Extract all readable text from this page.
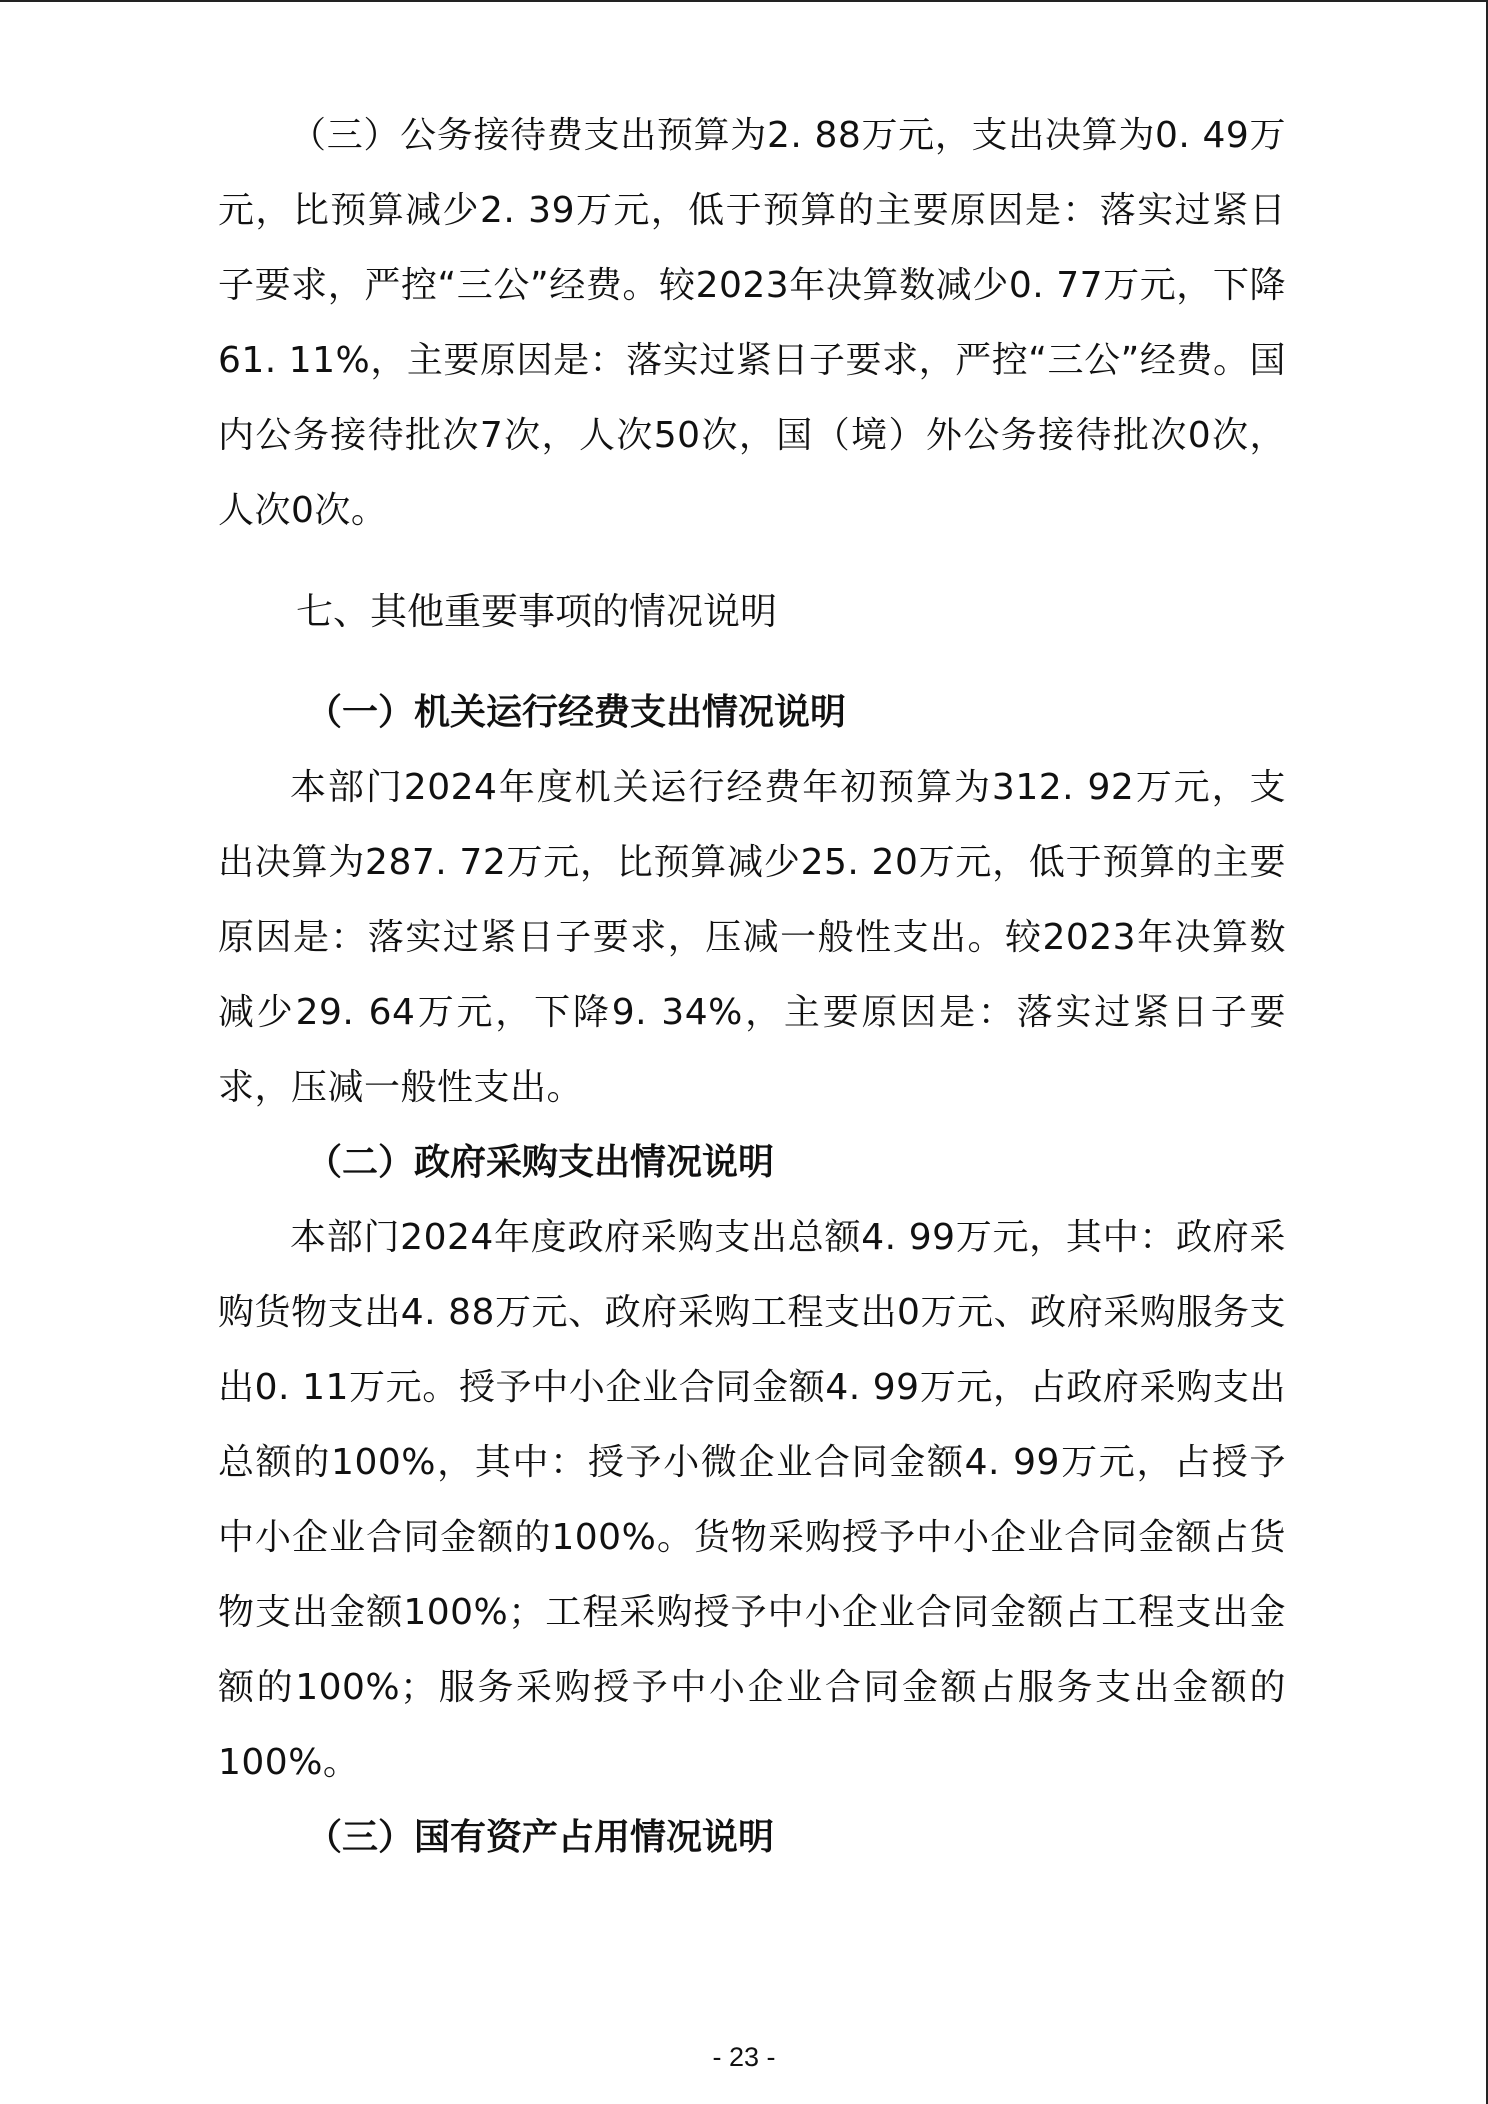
（三）公务接待费支出预算为2. 88万元，支出决算为0. 49万元，比预算减少2. 39万元，低于预算的主要原因是：落实过紧日子要求，严控“三公”经费。较2023年决算数减少0. 77万元，下降61. 11%，主要原因是：落实过紧日子要求，严控“三公”经费。国内公务接待批次7次，人次50次，国（境）外公务接待批次0次，人次0次。

七、其他重要事项的情况说明
（一）机关运行经费支出情况说明

本部门2024年度机关运行经费年初预算为312. 92万元，支出决算为287. 72万元，比预算减少25. 20万元，低于预算的主要原因是：落实过紧日子要求，压减一般性支出。较2023年决算数减少29. 64万元，下降9. 34%，主要原因是：落实过紧日子要求，压减一般性支出。

（二）政府采购支出情况说明

本部门2024年度政府采购支出总额4. 99万元，其中：政府采购货物支出4. 88万元、政府采购工程支出0万元、政府采购服务支出0. 11万元。授予中小企业合同金额4. 99万元，占政府采购支出总额的100%，其中：授予小微企业合同金额4. 99万元，占授予中小企业合同金额的100%。货物采购授予中小企业合同金额占货物支出金额100%；工程采购授予中小企业合同金额占工程支出金额的100%；服务采购授予中小企业合同金额占服务支出金额的100%。

（三）国有资产占用情况说明
- 23 -
